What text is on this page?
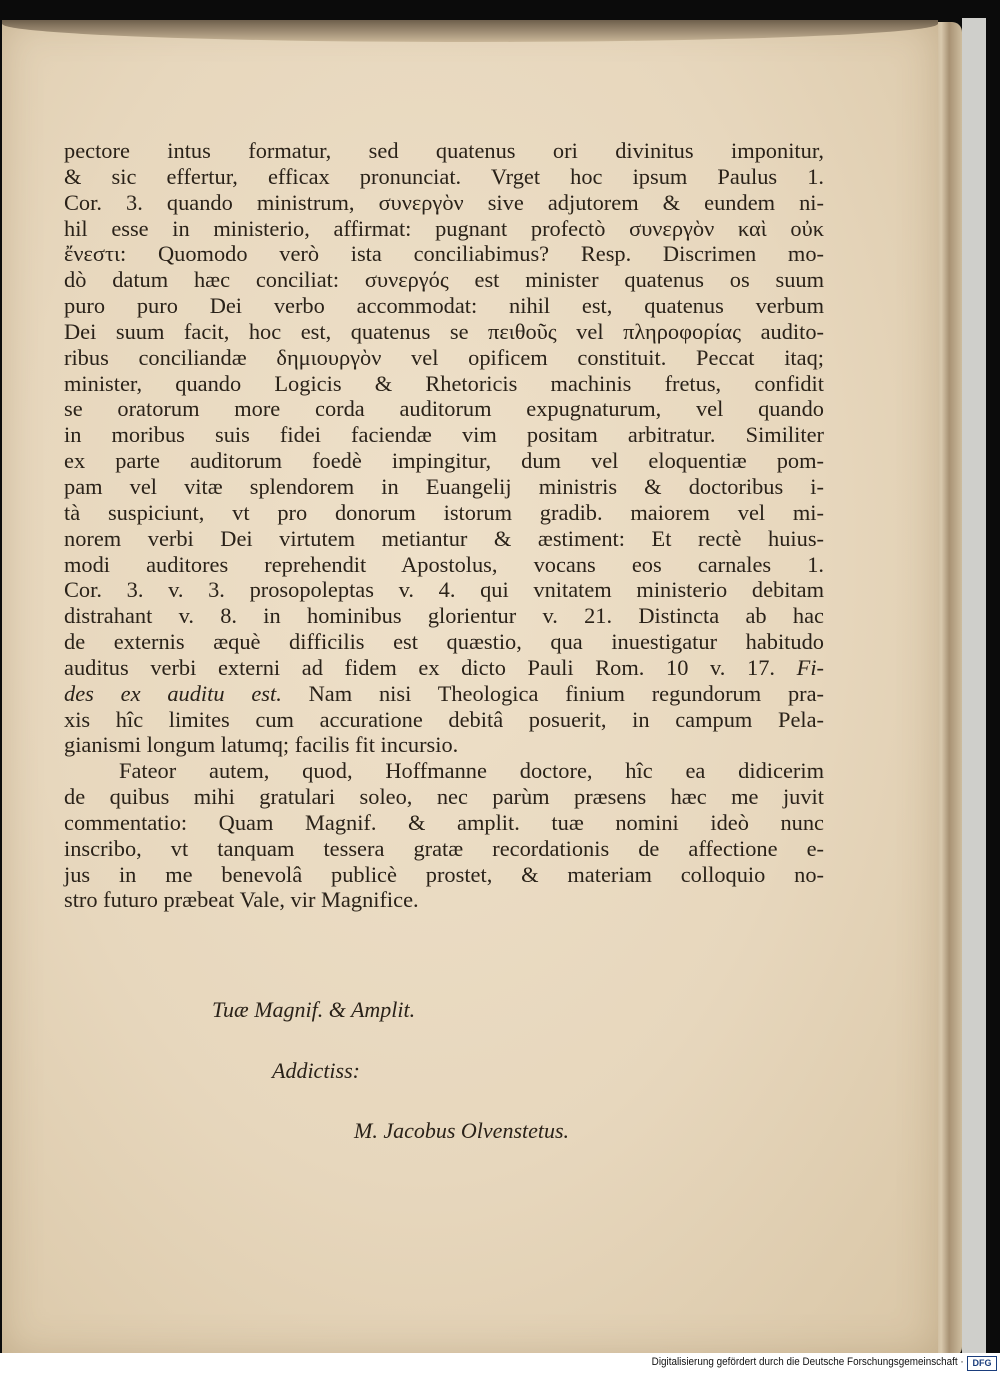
pectore intus formatur, sed quatenus ori divinitus imponitur,
& sic effertur, efficax pronunciat. Vrget hoc ipsum Paulus 1.
Cor. 3. quando ministrum, συνεργὸν sive adjutorem & eundem ni-
hil esse in ministerio, affirmat: pugnant profectò συνεργὸν καὶ οὐκ
ἔνεστι: Quomodo verò ista conciliabimus? Resp. Discrimen mo-
dò datum hæc conciliat: συνεργός est minister quatenus os suum
puro puro Dei verbo accommodat: nihil est, quatenus verbum
Dei suum facit, hoc est, quatenus se πειθοῦς vel πληροφορίας audito-
ribus conciliandæ δημιουργὸν vel opificem constituit. Peccat itaq;
minister, quando Logicis & Rhetoricis machinis fretus, confidit
se oratorum more corda auditorum expugnaturum, vel quando
in moribus suis fidei faciendæ vim positam arbitratur. Similiter
ex parte auditorum foedè impingitur, dum vel eloquentiæ pom-
pam vel vitæ splendorem in Euangelij ministris & doctoribus i-
tà suspiciunt, vt pro donorum istorum gradib. maiorem vel mi-
norem verbi Dei virtutem metiantur & æstiment: Et rectè huius-
modi auditores reprehendit Apostolus, vocans eos carnales 1.
Cor. 3. v. 3. prosopoleptas v. 4. qui vnitatem ministerio debitam
distrahant v. 8. in hominibus glorientur v. 21. Distincta ab hac
de externis æquè difficilis est quæstio, qua inuestigatur habitudo
auditus verbi externi ad fidem ex dicto Pauli Rom. 10 v. 17. Fi-
des ex auditu est. Nam nisi Theologica finium regundorum pra-
xis hîc limites cum accuratione debitâ posuerit, in campum Pela-
gianismi longum latumq; facilis fit incursio.
Fateor autem, quod, Hoffmanne doctore, hîc ea didicerim
de quibus mihi gratulari soleo, nec parùm præsens hæc me juvit
commentatio: Quam Magnif. & amplit. tuæ nomini ideò nunc
inscribo, vt tanquam tessera gratæ recordationis de affectione e-
jus in me benevolâ publicè prostet, & materiam colloquio no-
stro futuro præbeat Vale, vir Magnifice.
Tuæ Magnif. & Amplit.
Addictiss:
M. Jacobus Olvenstetus.
Digitalisierung gefördert durch die Deutsche Forschungsgemeinschaft · DFG
